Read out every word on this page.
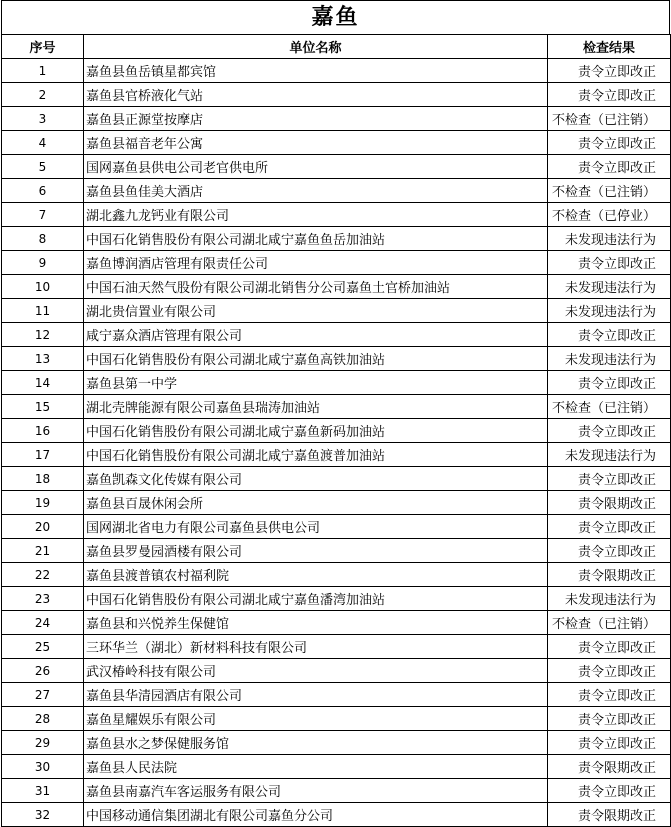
嘉鱼
序号	单位名称	检查结果
1	嘉鱼县鱼岳镇星都宾馆	责令立即改正
2	嘉鱼县官桥液化气站	责令立即改正
3	嘉鱼县正源堂按摩店	不检查（已注销）
4	嘉鱼县福音老年公寓	责令立即改正
5	国网嘉鱼县供电公司老官供电所	责令立即改正
6	嘉鱼县鱼佳美大酒店	不检查（已注销）
7	湖北鑫九龙钙业有限公司	不检查（已停业）
8	中国石化销售股份有限公司湖北咸宁嘉鱼鱼岳加油站	未发现违法行为
9	嘉鱼博润酒店管理有限责任公司	责令立即改正
10	中国石油天然气股份有限公司湖北销售分公司嘉鱼土官桥加油站	未发现违法行为
11	湖北贵信置业有限公司	未发现违法行为
12	咸宁嘉众酒店管理有限公司	责令立即改正
13	中国石化销售股份有限公司湖北咸宁嘉鱼高铁加油站	未发现违法行为
14	嘉鱼县第一中学	责令立即改正
15	湖北壳牌能源有限公司嘉鱼县瑞涛加油站	不检查（已注销）
16	中国石化销售股份有限公司湖北咸宁嘉鱼新码加油站	责令立即改正
17	中国石化销售股份有限公司湖北咸宁嘉鱼渡普加油站	未发现违法行为
18	嘉鱼凯森文化传媒有限公司	责令立即改正
19	嘉鱼县百晟休闲会所	责令限期改正
20	国网湖北省电力有限公司嘉鱼县供电公司	责令立即改正
21	嘉鱼县罗曼园酒楼有限公司	责令立即改正
22	嘉鱼县渡普镇农村福利院	责令限期改正
23	中国石化销售股份有限公司湖北咸宁嘉鱼潘湾加油站	未发现违法行为
24	嘉鱼县和兴悦养生保健馆	不检查（已注销）
25	三环华兰（湖北）新材料科技有限公司	责令立即改正
26	武汉椿岭科技有限公司	责令立即改正
27	嘉鱼县华清园酒店有限公司	责令立即改正
28	嘉鱼星耀娱乐有限公司	责令立即改正
29	嘉鱼县水之梦保健服务馆	责令立即改正
30	嘉鱼县人民法院	责令限期改正
31	嘉鱼县南嘉汽车客运服务有限公司	责令立即改正
32	中国移动通信集团湖北有限公司嘉鱼分公司	责令限期改正
